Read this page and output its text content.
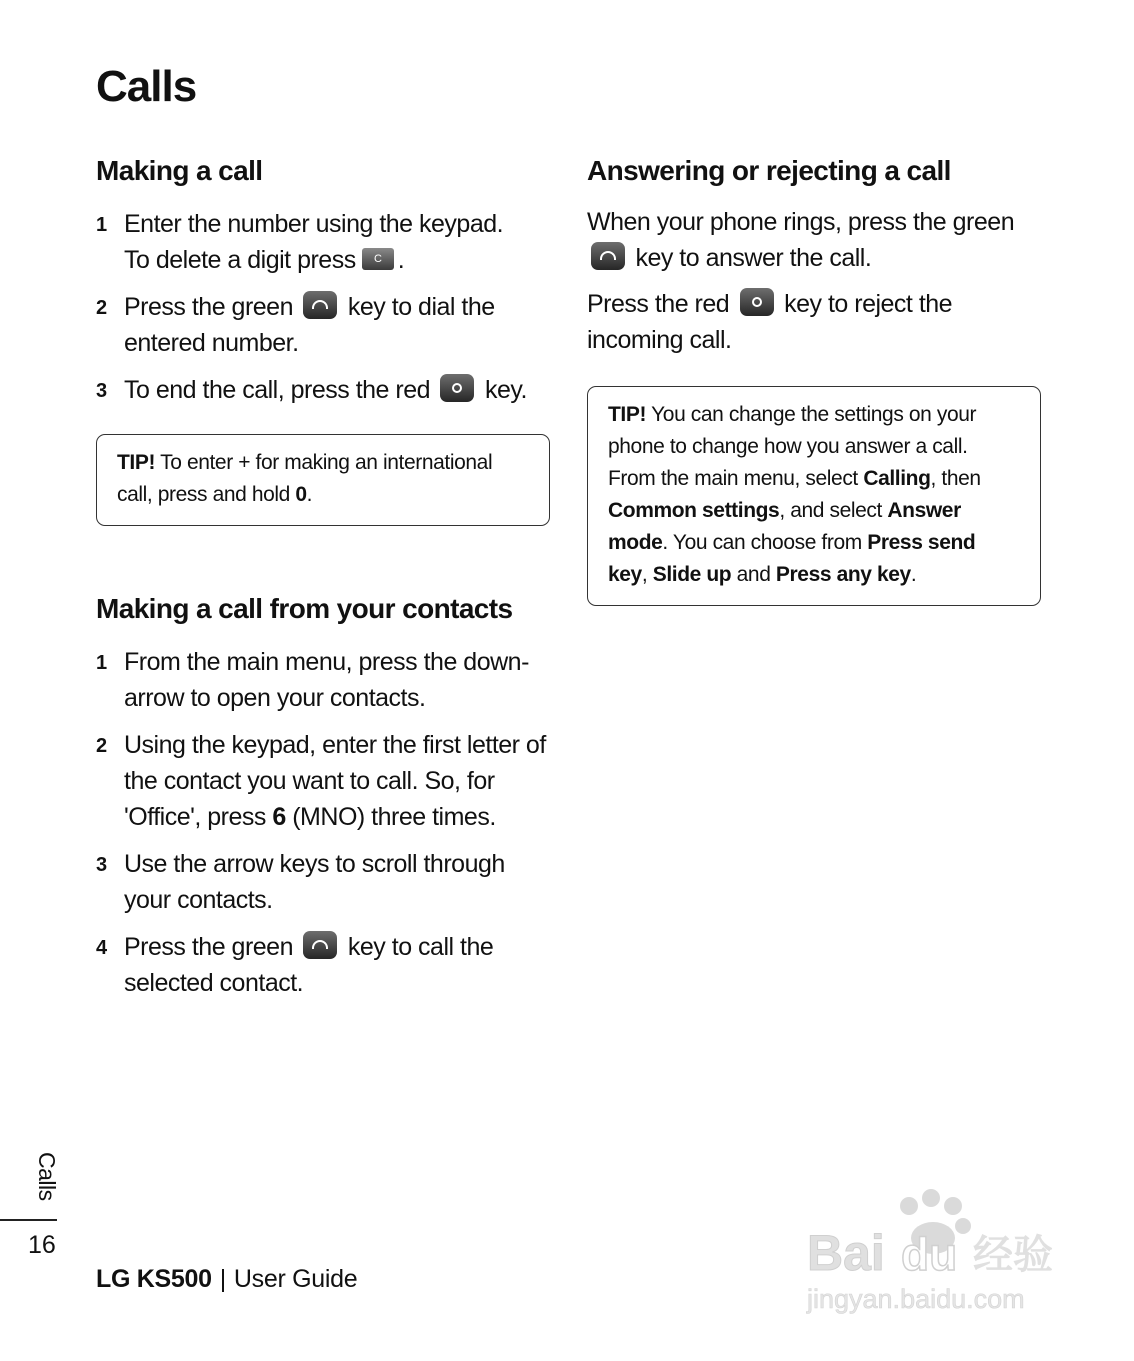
Calls
Making a call
1 Enter the number using the keypad.
To delete a digit press C .
2 Press the green key to dial the entered number.
3 To end the call, press the red key.
TIP! To enter + for making an international call, press and hold 0.
Making a call from your contacts
1 From the main menu, press the down-arrow to open your contacts.
2 Using the keypad, enter the first letter of the contact you want to call. So, for 'Office', press 6 (MNO) three times.
3 Use the arrow keys to scroll through your contacts.
4 Press the green key to call the selected contact.
Answering or rejecting a call

When your phone rings, press the green
key to answer the call.

Press the red key to reject the incoming call.

TIP! You can change the settings on your phone to change how you answer a call. From the main menu, select Calling, then Common settings, and select Answer mode. You can choose from Press send key, Slide up and Press any key.
Calls
16
LG KS500 | User Guide	Bai du 经验
jingyan.baidu.com
